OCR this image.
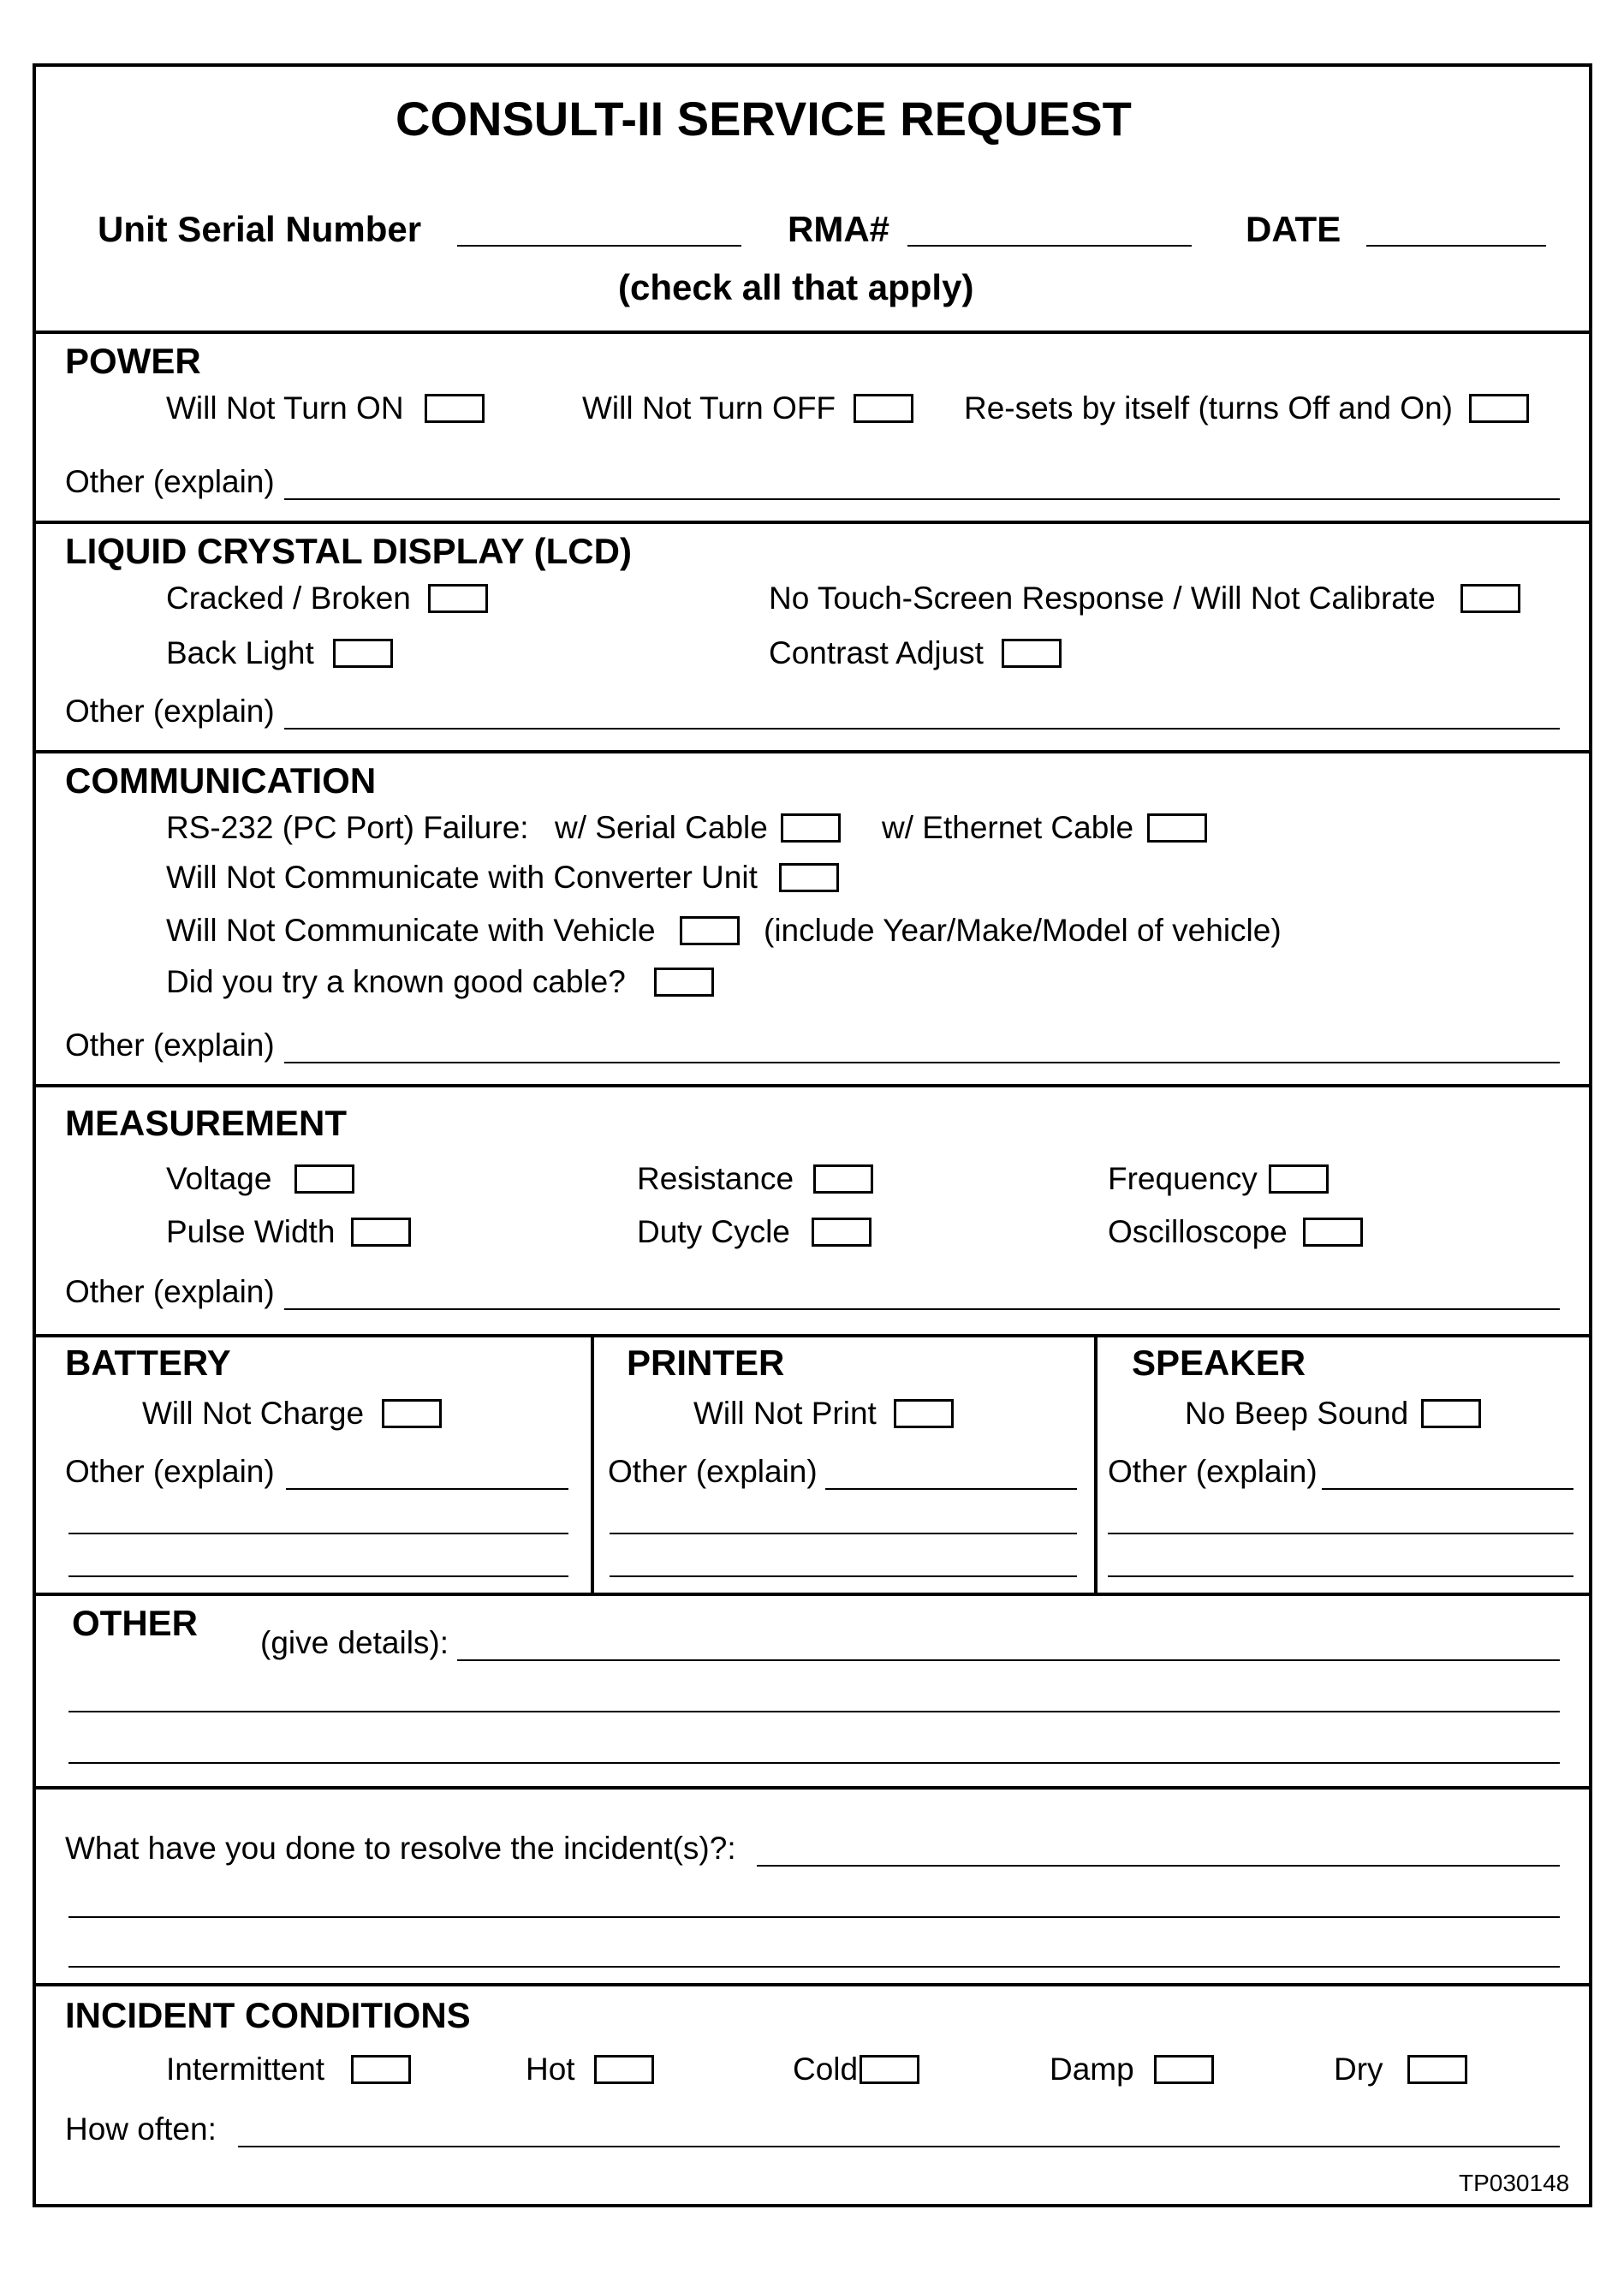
CONSULT-II SERVICE REQUEST
Unit Serial Number	RMA#	DATE
(check all that apply)
POWER
Will Not Turn ON	Will Not Turn OFF	Re-sets by itself (turns Off and On)
Other (explain)
LIQUID CRYSTAL DISPLAY (LCD)
Cracked / Broken	No Touch-Screen Response / Will Not Calibrate
Back Light	Contrast Adjust
Other (explain)
COMMUNICATION
RS-232 (PC Port) Failure: w/ Serial Cable	w/ Ethernet Cable
Will Not Communicate with Converter Unit
Will Not Communicate with Vehicle	(include Year/Make/Model of vehicle)
Did you try a known good cable?
Other (explain)
MEASUREMENT
Voltage	Resistance	Frequency
Pulse Width	Duty Cycle	Oscilloscope
Other (explain)
BATTERY
Will Not Charge
Other (explain)
PRINTER
Will Not Print
Other (explain)
SPEAKER
No Beep Sound
Other (explain)
OTHER (give details):
What have you done to resolve the incident(s)?:
INCIDENT CONDITIONS
Intermittent	Hot	Cold	Damp	Dry
How often:
TP030148
